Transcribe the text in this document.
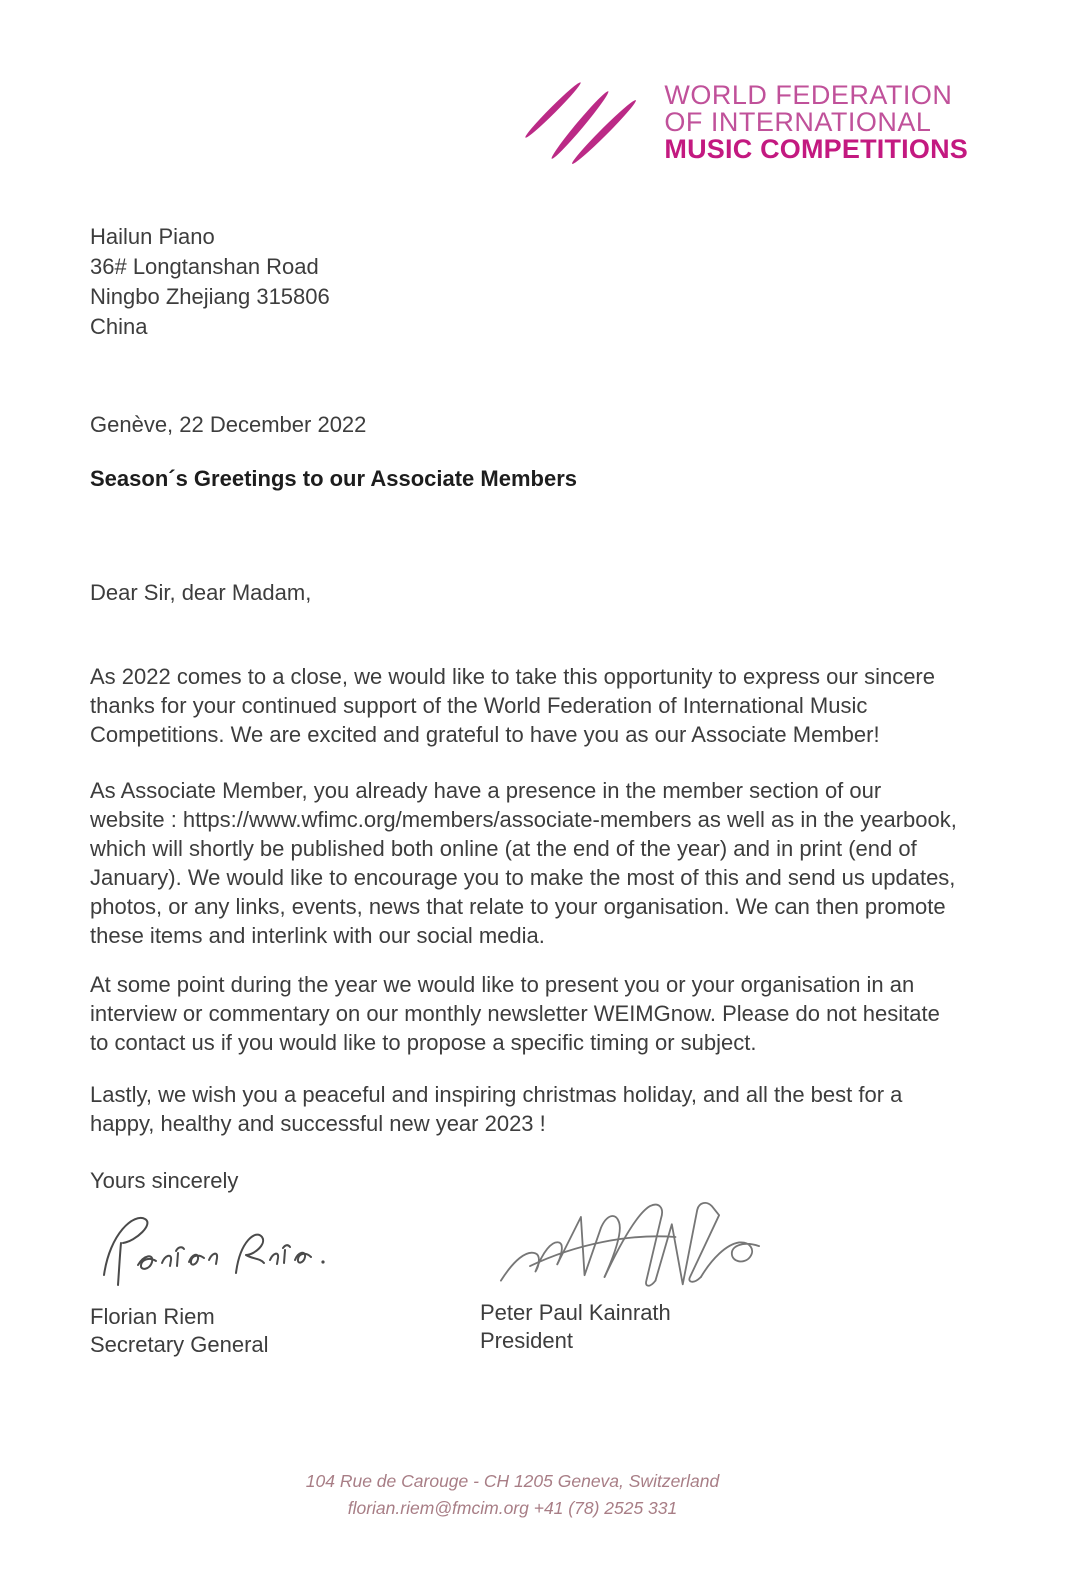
WORLD FEDERATION
OF INTERNATIONAL
MUSIC COMPETITIONS
Hailun Piano
36# Longtanshan Road
Ningbo Zhejiang 315806
China
Genève, 22 December 2022
Season´s Greetings to our Associate Members
Dear Sir, dear Madam,

As 2022 comes to a close, we would like to take this opportunity to express our sincere thanks for your continued support of the World Federation of International Music Competitions. We are excited and grateful to have you as our Associate Member!

As Associate Member, you already have a presence in the member section of our website : https://www.wfimc.org/members/associate-members as well as in the yearbook, which will shortly be published both online (at the end of the year) and in print (end of January). We would like to encourage you to make the most of this and send us updates, photos, or any links, events, news that relate to your organisation. We can then promote these items and interlink with our social media.

At some point during the year we would like to present you or your organisation in an interview or commentary on our monthly newsletter WEIMGnow. Please do not hesitate to contact us if you would like to propose a specific timing or subject.

Lastly, we wish you a peaceful and inspiring christmas holiday, and all the best for a happy, healthy and successful new year 2023 !

Yours sincerely
Florian Riem
Secretary General
Peter Paul Kainrath
President
104 Rue de Carouge - CH 1205 Geneva, Switzerland
florian.riem@fmcim.org +41 (78) 2525 331
